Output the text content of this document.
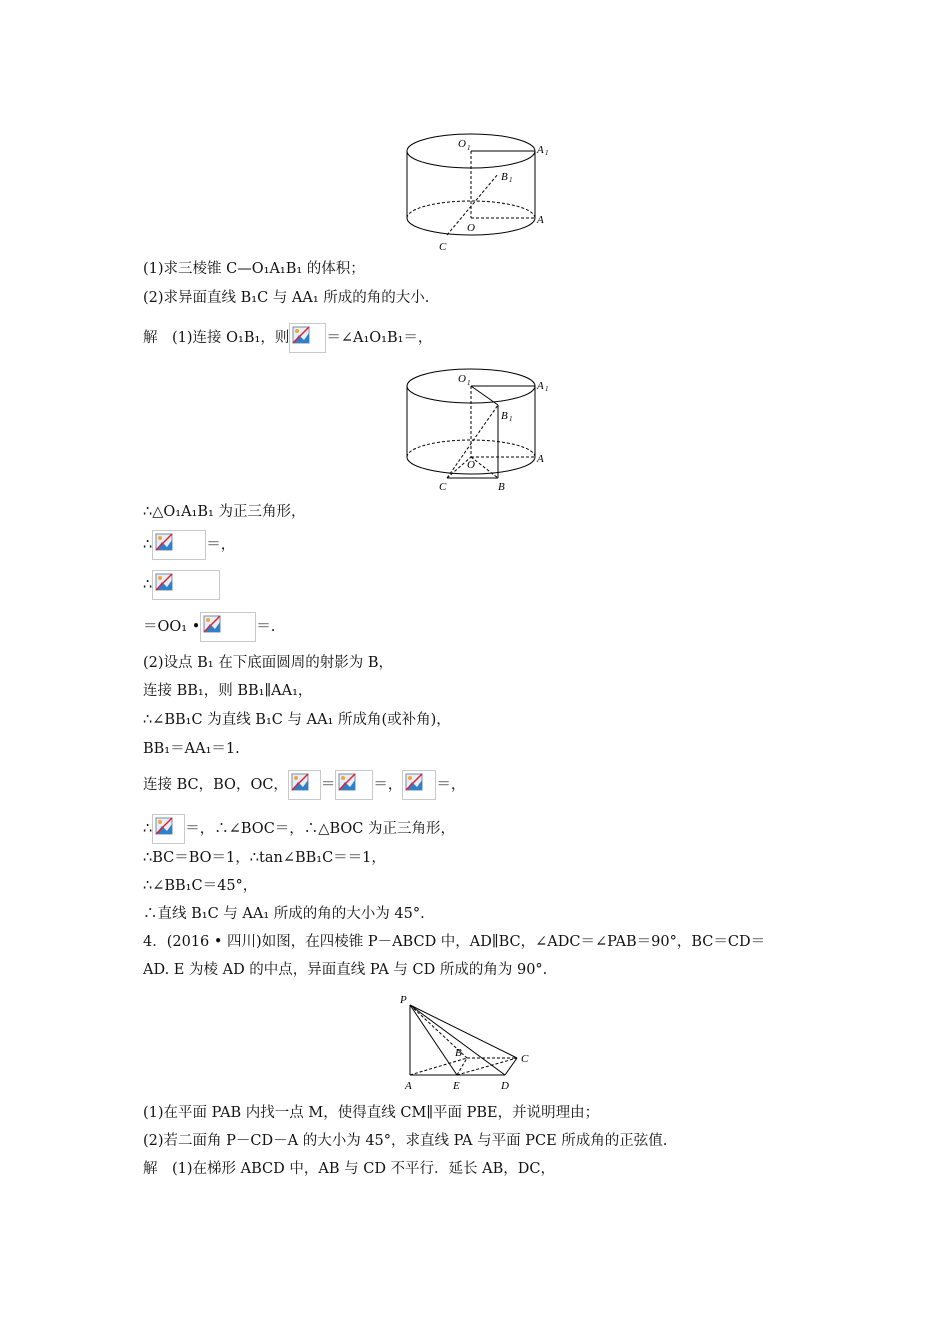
O 1	A 1
B 1
A
O
C
(1)求三棱锥 C—O₁A₁B₁ 的体积；
(2)求异面直线 B₁C 与 AA₁ 所成的角的大小.
解　(1)连接 O₁B₁，则	＝∠A₁O₁B₁＝，
O 1	A 1
B 1
A
O
C	B
∴△O₁A₁B₁ 为正三角形，
∴	＝，
∴
＝OO₁ •	＝.
(2)设点 B₁ 在下底面圆周的射影为 B，
连接 BB₁，则 BB₁∥AA₁，
∴∠BB₁C 为直线 B₁C 与 AA₁ 所成角(或补角)，
BB₁＝AA₁＝1.
连接 BC，BO，OC， ＝	＝， ＝，
∴ ＝，∴∠BOC＝，∴△BOC 为正三角形，
∴BC＝BO＝1，∴tan∠BB₁C＝＝1，
∴∠BB₁C＝45°，
∴直线 B₁C 与 AA₁ 所成的角的大小为 45°.
4．(2016 • 四川)如图，在四棱锥 P－ABCD 中，AD∥BC，∠ADC＝∠PAB＝90°，BC＝CD＝
AD. E 为棱 AD 的中点，异面直线 PA 与 CD 所成的角为 90°.
P
B	C
A	E	D
(1)在平面 PAB 内找一点 M，使得直线 CM∥平面 PBE，并说明理由；
(2)若二面角 P－CD－A 的大小为 45°，求直线 PA 与平面 PCE 所成角的正弦值.
解　(1)在梯形 ABCD 中，AB 与 CD 不平行．延长 AB，DC，
